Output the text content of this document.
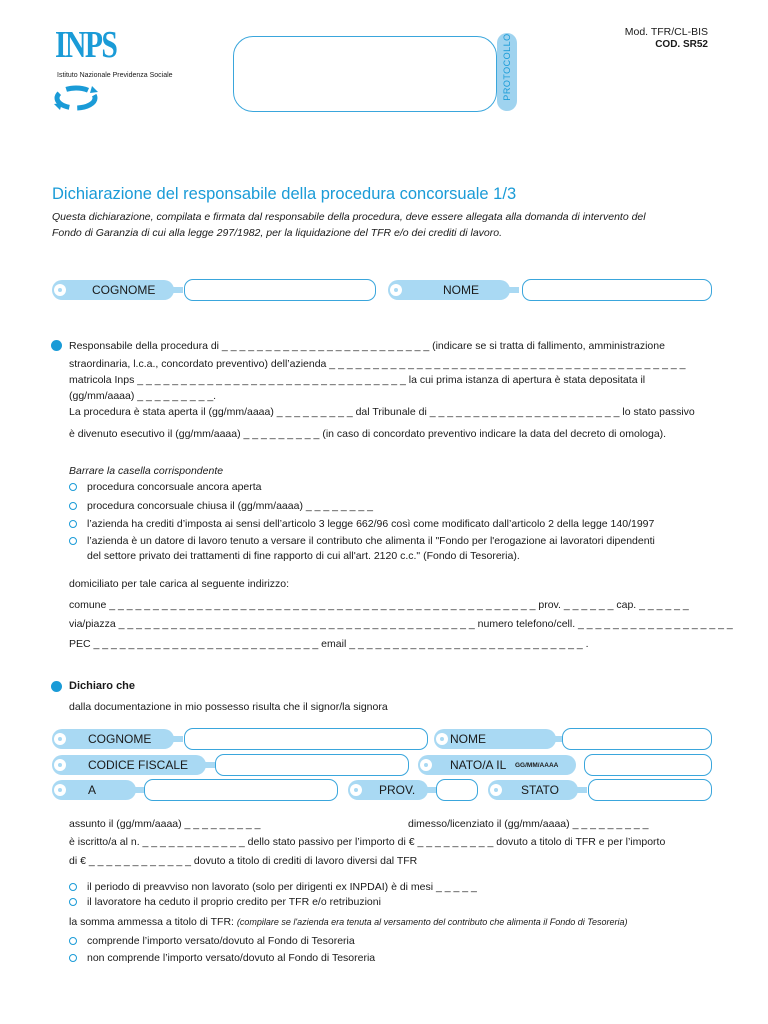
INPS
Istituto Nazionale Previdenza Sociale	PROTOCOLLO
Mod. TFR/CL-BIS
COD. SR52
Dichiarazione del responsabile della procedura concorsuale 1/3
Questa dichiarazione, compilata e firmata dal responsabile della procedura, deve essere allegata alla domanda di intervento del
Fondo di Garanzia di cui alla legge 297/1982, per la liquidazione del TFR e/o dei crediti di lavoro.
COGNOME	NOME
Responsabile della procedura di _ _ _ _ _ _ _ _ _ _ _ _ _ _ _ _ _ _ _ _ _ _ _ _ (indicare se si tratta di fallimento, amministrazione
straordinaria, l.c.a., concordato preventivo) dell’azienda _ _ _ _ _ _ _ _ _ _ _ _ _ _ _ _ _ _ _ _ _ _ _ _ _ _ _ _ _ _ _ _ _ _ _ _ _ _ _ _ _
matricola Inps _ _ _ _ _ _ _ _ _ _ _ _ _ _ _ _ _ _ _ _ _ _ _ _ _ _ _ _ _ _ _ la cui prima istanza di apertura è stata depositata il
(gg/mm/aaaa) _ _ _ _ _ _ _ _ _.
La procedura è stata aperta il (gg/mm/aaaa) _ _ _ _ _ _ _ _ _ dal Tribunale di _ _ _ _ _ _ _ _ _ _ _ _ _ _ _ _ _ _ _ _ _ _ lo stato passivo
è divenuto esecutivo il (gg/mm/aaaa) _ _ _ _ _ _ _ _ _ (in caso di concordato preventivo indicare la data del decreto di omologa).
Barrare la casella corrispondente
procedura concorsuale ancora aperta
procedura concorsuale chiusa il (gg/mm/aaaa) _ _ _ _ _ _ _ _
l’azienda ha crediti d’imposta ai sensi dell’articolo 3 legge 662/96 così come modificato dall’articolo 2 della legge 140/1997
l’azienda è un datore di lavoro tenuto a versare il contributo che alimenta il "Fondo per l'erogazione ai lavoratori dipendenti
del settore privato dei trattamenti di fine rapporto di cui all'art. 2120 c.c." (Fondo di Tesoreria).
domiciliato per tale carica al seguente indirizzo:
comune _ _ _ _ _ _ _ _ _ _ _ _ _ _ _ _ _ _ _ _ _ _ _ _ _ _ _ _ _ _ _ _ _ _ _ _ _ _ _ _ _ _ _ _ _ _ _ _ _ prov. _ _ _ _ _ _ cap. _ _ _ _ _ _
via/piazza _ _ _ _ _ _ _ _ _ _ _ _ _ _ _ _ _ _ _ _ _ _ _ _ _ _ _ _ _ _ _ _ _ _ _ _ _ _ _ _ _ numero telefono/cell. _ _ _ _ _ _ _ _ _ _ _ _ _ _ _ _ _ _
PEC _ _ _ _ _ _ _ _ _ _ _ _ _ _ _ _ _ _ _ _ _ _ _ _ _ _ email _ _ _ _ _ _ _ _ _ _ _ _ _ _ _ _ _ _ _ _ _ _ _ _ _ _ _ .
Dichiaro che
dalla documentazione in mio possesso risulta che il signor/la signora
COGNOME	NOME
CODICE FISCALE	NATO/A IL GG/MM/AAAA
A	PROV.	STATO
assunto il (gg/mm/aaaa) _ _ _ _ _ _ _ _ _	dimesso/licenziato il (gg/mm/aaaa) _ _ _ _ _ _ _ _ _
è iscritto/a al n. _ _ _ _ _ _ _ _ _ _ _ _ dello stato passivo per l’importo di € _ _ _ _ _ _ _ _ _ dovuto a titolo di TFR e per l’importo
di € _ _ _ _ _ _ _ _ _ _ _ _ dovuto a titolo di crediti di lavoro diversi dal TFR
il periodo di preavviso non lavorato (solo per dirigenti ex INPDAI) è di mesi _ _ _ _ _
il lavoratore ha ceduto il proprio credito per TFR e/o retribuzioni
la somma ammessa a titolo di TFR: (compilare se l'azienda era tenuta al versamento del contributo che alimenta il Fondo di Tesoreria)
comprende l’importo versato/dovuto al Fondo di Tesoreria
non comprende l’importo versato/dovuto al Fondo di Tesoreria
